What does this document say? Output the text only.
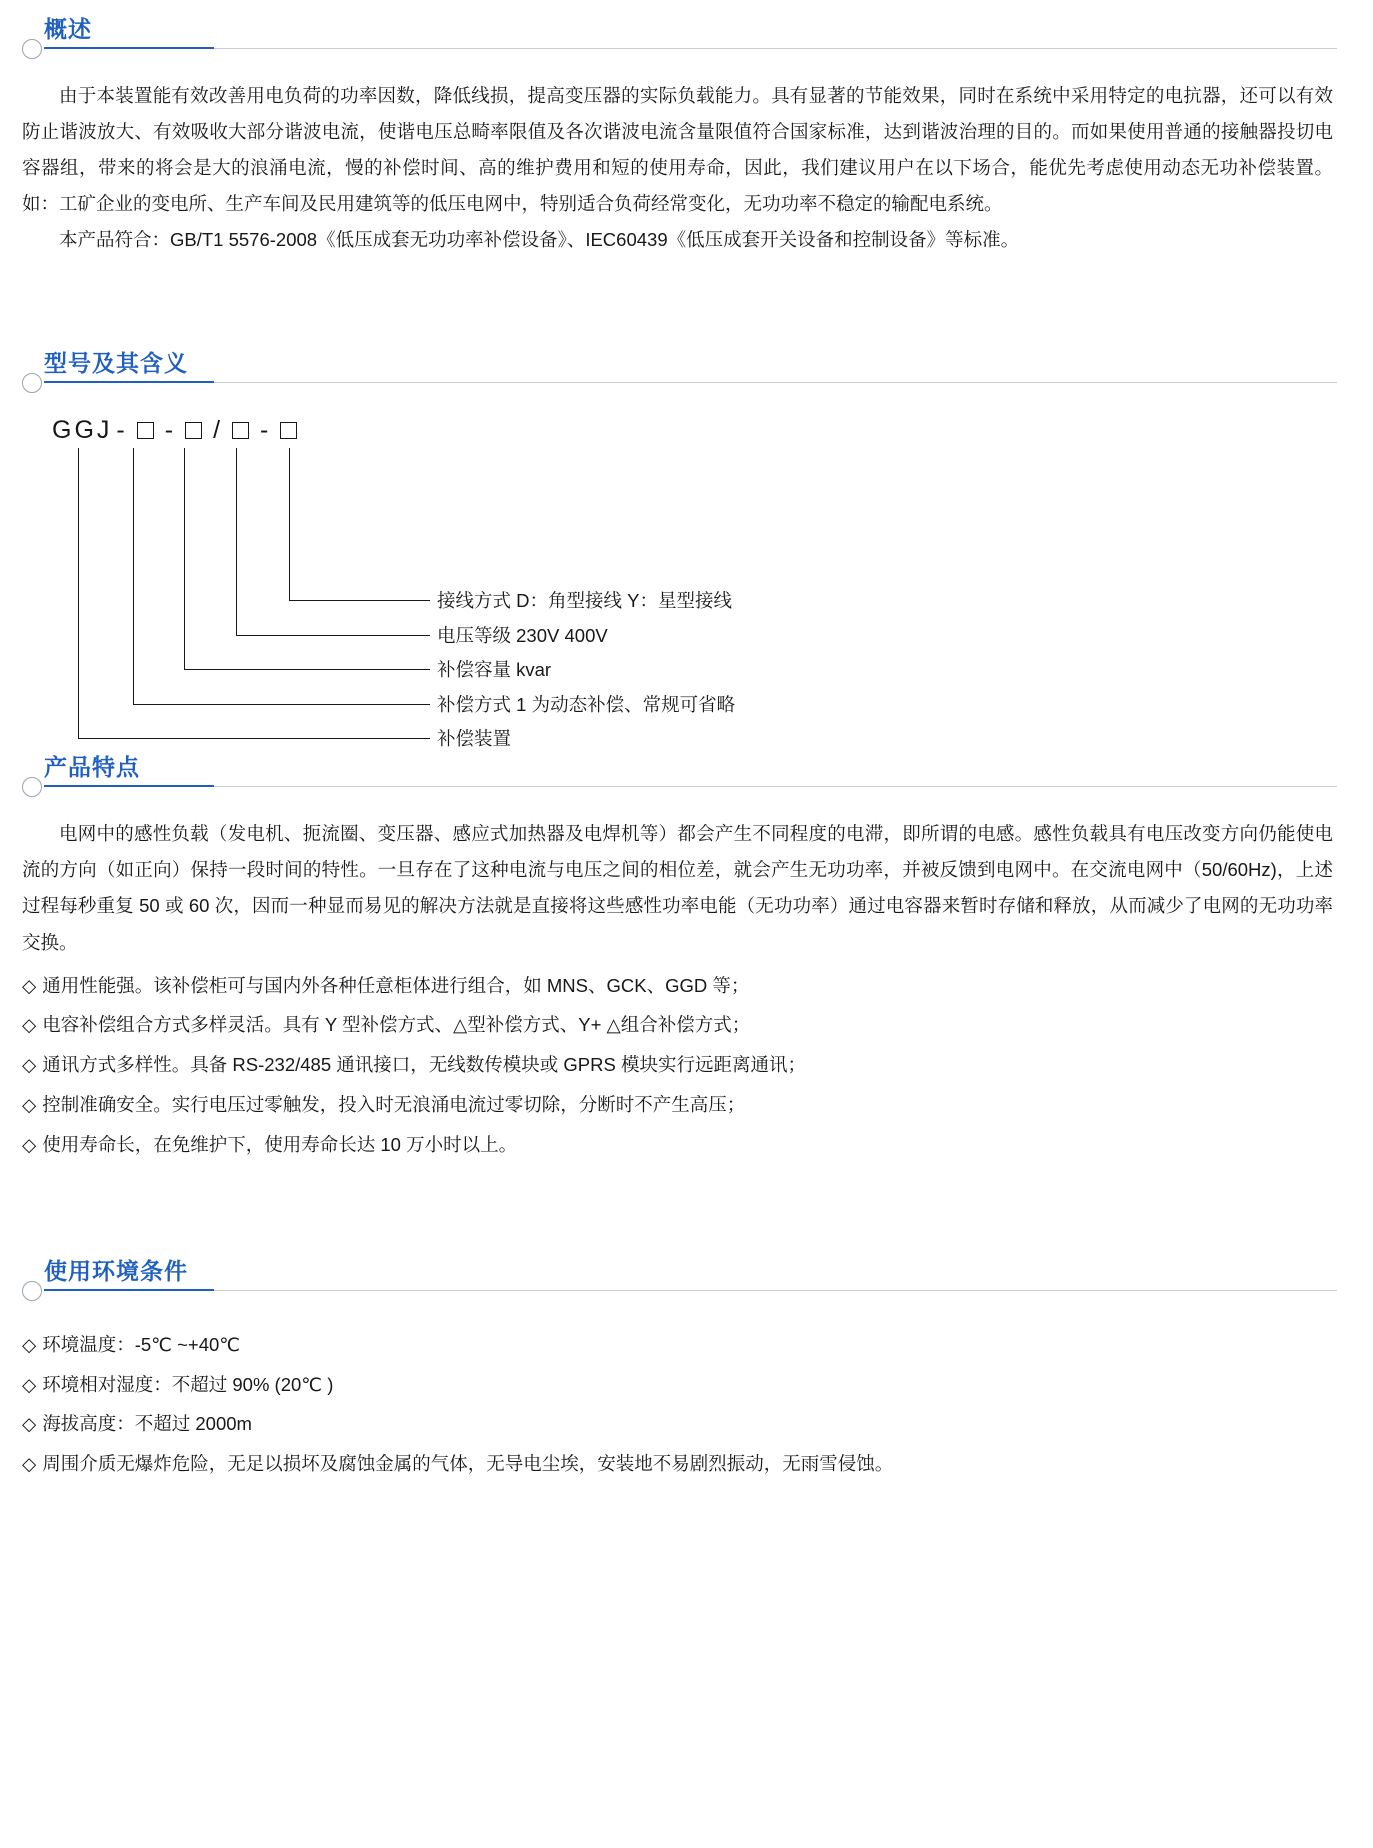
概述

由于本装置能有效改善用电负荷的功率因数，降低线损，提高变压器的实际负载能力。具有显著的节能效果，同时在系统中采用特定的电抗器，还可以有效防止谐波放大、有效吸收大部分谐波电流，使谐电压总畸率限值及各次谐波电流含量限值符合国家标准，达到谐波治理的目的。而如果使用普通的接触器投切电容器组，带来的将会是大的浪涌电流，慢的补偿时间、高的维护费用和短的使用寿命，因此，我们建议用户在以下场合，能优先考虑使用动态无功补偿装置。如：工矿企业的变电所、生产车间及民用建筑等的低压电网中，特别适合负荷经常变化，无功功率不稳定的输配电系统。

本产品符合：GB/T1 5576-2008《低压成套无功功率补偿设备》、IEC60439《低压成套开关设备和控制设备》等标准。

型号及其含义
GGJ - - / -
接线方式 D：角型接线 Y：星型接线
电压等级 230V 400V
补偿容量 kvar
补偿方式 1 为动态补偿、常规可省略
补偿装置
产品特点

电网中的感性负载（发电机、扼流圈、变压器、感应式加热器及电焊机等）都会产生不同程度的电滞，即所谓的电感。感性负载具有电压改变方向仍能使电流的方向（如正向）保持一段时间的特性。一旦存在了这种电流与电压之间的相位差，就会产生无功功率，并被反馈到电网中。在交流电网中（50/60Hz)，上述过程每秒重复 50 或 60 次，因而一种显而易见的解决方法就是直接将这些感性功率电能（无功功率）通过电容器来暂时存储和释放，从而减少了电网的无功功率交换。

◇ 通用性能强。该补偿柜可与国内外各种任意柜体进行组合，如 MNS、GCK、GGD 等；
◇ 电容补偿组合方式多样灵活。具有 Y 型补偿方式、△型补偿方式、Y+ △组合补偿方式；
◇ 通讯方式多样性。具备 RS-232/485 通讯接口，无线数传模块或 GPRS 模块实行远距离通讯；
◇ 控制准确安全。实行电压过零触发，投入时无浪涌电流过零切除，分断时不产生高压；
◇ 使用寿命长，在免维护下，使用寿命长达 10 万小时以上。
使用环境条件
◇ 环境温度：-5℃ ~+40℃
◇ 环境相对湿度：不超过 90% (20℃ )
◇ 海拔高度：不超过 2000m
◇ 周围介质无爆炸危险，无足以损坏及腐蚀金属的气体，无导电尘埃，安装地不易剧烈振动，无雨雪侵蚀。
